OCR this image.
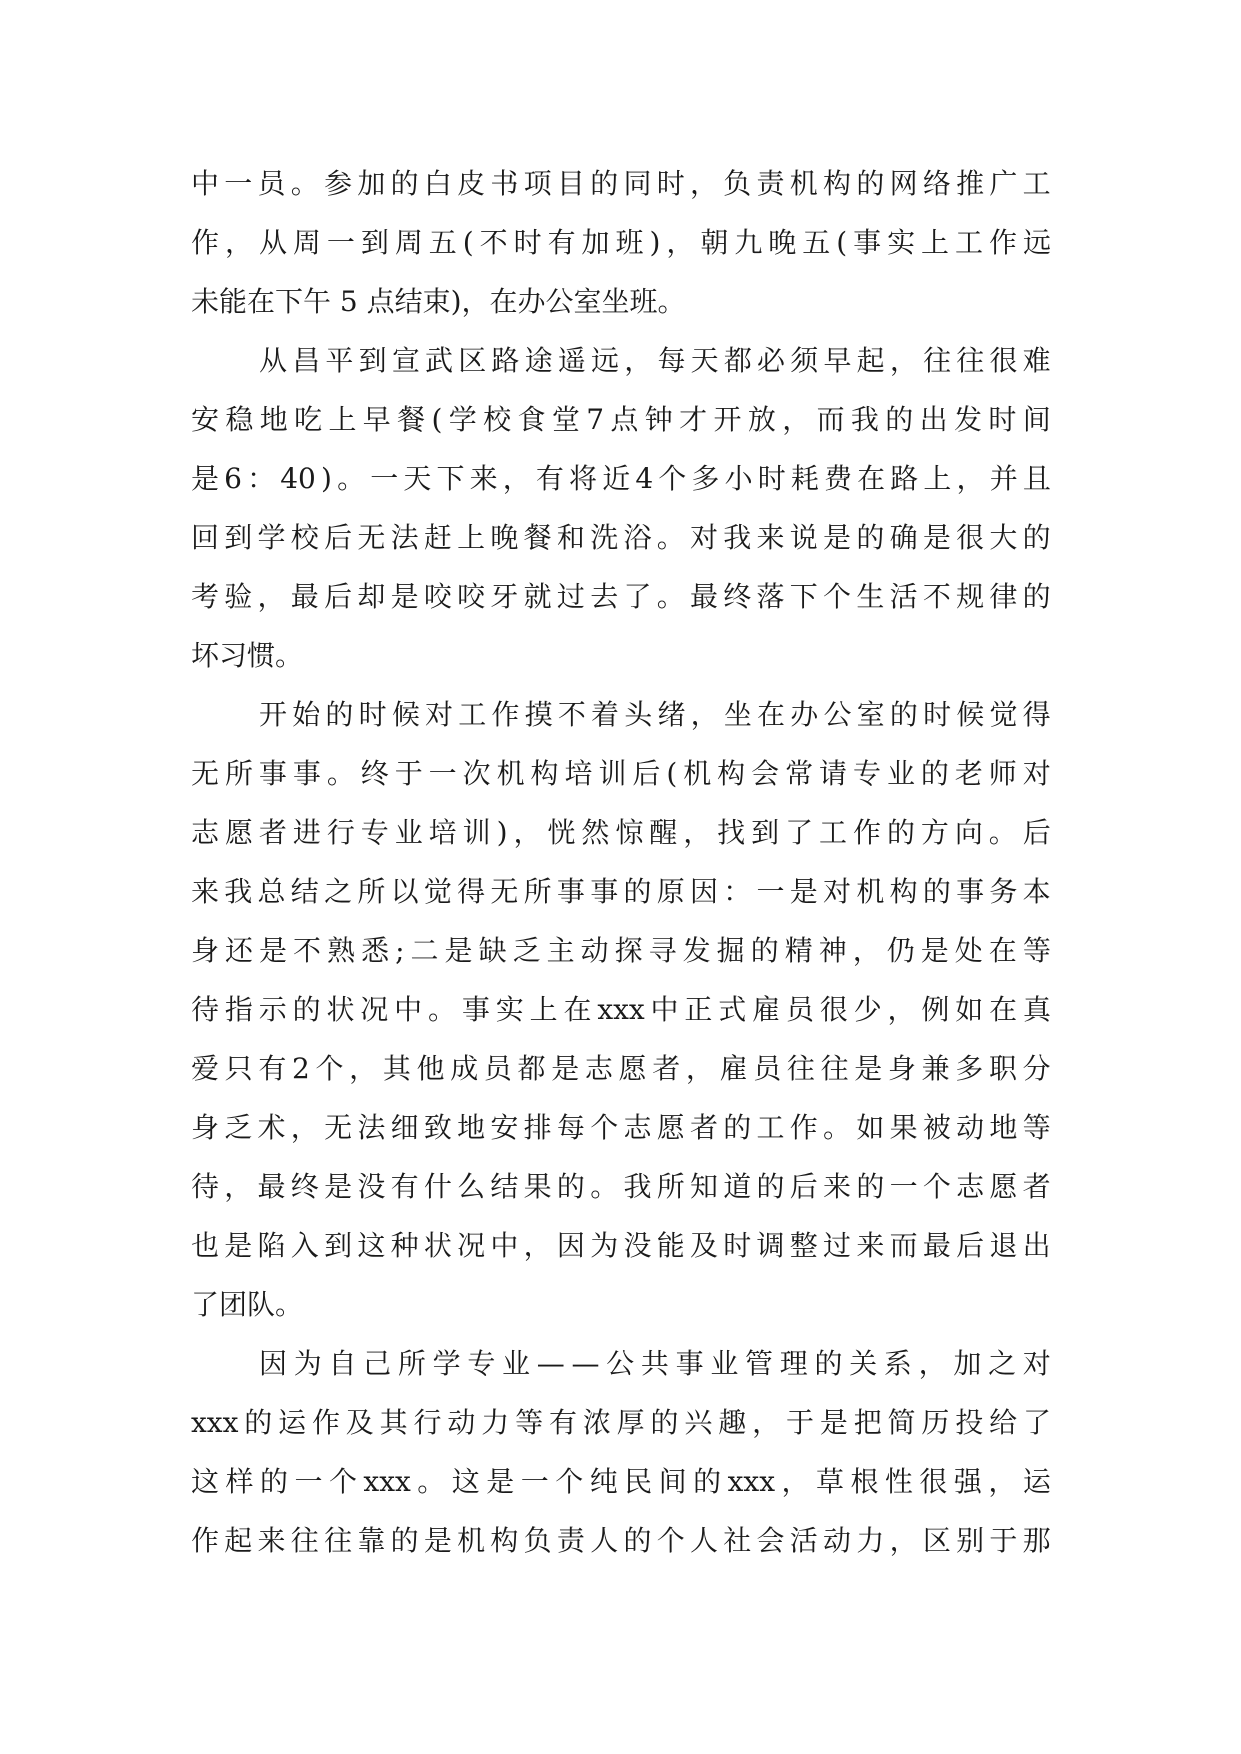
中 一 员 。 参 加 的 白 皮 书 项 目 的 同 时 ， 负 责 机 构 的 网 络 推 广 工
作 ， 从 周 一 到 周 五 ( 不 时 有 加 班 ) ， 朝 九 晚 五 ( 事 实 上 工 作 远
未能在下午 5 点结束)，在办公室坐班。
从 昌 平 到 宣 武 区 路 途 遥 远 ， 每 天 都 必 须 早 起 ， 往 往 很 难
安 稳 地 吃 上 早 餐 ( 学 校 食 堂 7 点 钟 才 开 放 ， 而 我 的 出 发 时 间
是 6 ： 40 ) 。 一 天 下 来 ， 有 将 近 4 个 多 小 时 耗 费 在 路 上 ， 并 且
回 到 学 校 后 无 法 赶 上 晚 餐 和 洗 浴 。 对 我 来 说 是 的 确 是 很 大 的
考 验 ， 最 后 却 是 咬 咬 牙 就 过 去 了 。 最 终 落 下 个 生 活 不 规 律 的
坏习惯。
开 始 的 时 候 对 工 作 摸 不 着 头 绪 ， 坐 在 办 公 室 的 时 候 觉 得
无 所 事 事 。 终 于 一 次 机 构 培 训 后 ( 机 构 会 常 请 专 业 的 老 师 对
志 愿 者 进 行 专 业 培 训 ) ， 恍 然 惊 醒 ， 找 到 了 工 作 的 方 向 。 后
来 我 总 结 之 所 以 觉 得 无 所 事 事 的 原 因 ： 一 是 对 机 构 的 事 务 本
身 还 是 不 熟 悉 ; 二 是 缺 乏 主 动 探 寻 发 掘 的 精 神 ， 仍 是 处 在 等
待 指 示 的 状 况 中 。 事 实 上 在 xxx 中 正 式 雇 员 很 少 ， 例 如 在 真
爱 只 有 2 个 ， 其 他 成 员 都 是 志 愿 者 ， 雇 员 往 往 是 身 兼 多 职 分
身 乏 术 ， 无 法 细 致 地 安 排 每 个 志 愿 者 的 工 作 。 如 果 被 动 地 等
待 ， 最 终 是 没 有 什 么 结 果 的 。 我 所 知 道 的 后 来 的 一 个 志 愿 者
也 是 陷 入 到 这 种 状 况 中 ， 因 为 没 能 及 时 调 整 过 来 而 最 后 退 出
了团队。
因 为 自 己 所 学 专 业 — — 公 共 事 业 管 理 的 关 系 ， 加 之 对
xxx 的 运 作 及 其 行 动 力 等 有 浓 厚 的 兴 趣 ， 于 是 把 简 历 投 给 了
这 样 的 一 个 xxx 。 这 是 一 个 纯 民 间 的 xxx ， 草 根 性 很 强 ， 运
作 起 来 往 往 靠 的 是 机 构 负 责 人 的 个 人 社 会 活 动 力 ， 区 别 于 那
